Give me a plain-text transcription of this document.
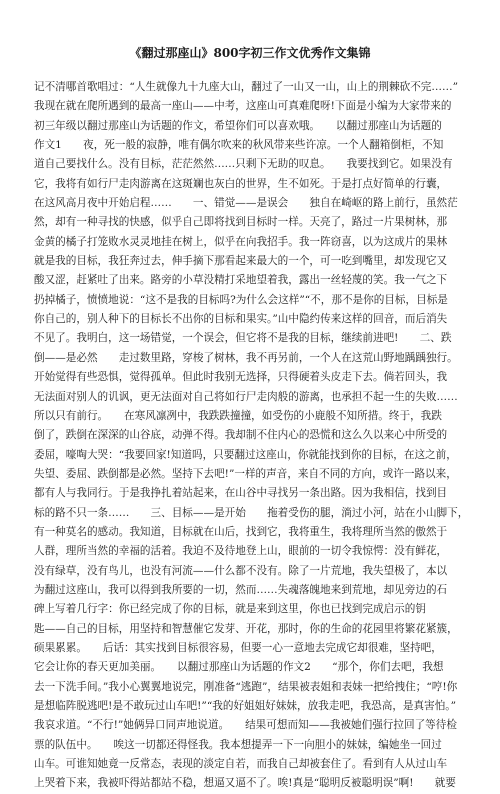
《翻过那座山》800字初三作文优秀作文集锦
记不清哪首歌唱过：“人生就像九十九座大山，翻过了一山又一山，山上的荆棘砍不完……”
我现在就在爬所遇到的最高一座山——中考，这座山可真难爬呀!下面是小编为大家带来的
初三年级以翻过那座山为话题的作文，希望你们可以喜欢哦。　　以翻过那座山为话题的
作文1　　夜，死一般的寂静，唯有偶尔吹来的秋风带来些许凉。一个人翻箱倒柜，不知
道自己要找什么。没有目标，茫茫然然……只剩下无助的叹息。　　我要找到它。如果没有
它，我将有如行尸走肉游离在这斑斓也灰白的世界，生不如死。于是打点好简单的行囊，
在这风高月夜中开始启程……　　一、错觉——是误会　　独自在崎岖的路上前行，虽然茫
然，却有一种寻找的快感，似乎自己即将找到目标时一样。天亮了，路过一片果树林，那
金黄的橘子打笼败水灵灵地挂在树上，似乎在向我招手。我一阵窃喜，以为这成片的果林
就是我的目标，我狂奔过去，伸手摘下那看起来最大的一个，可一吃到嘴里，却发现它又
酸又涩，赶紧吐了出来。路旁的小草没精打采地望着我，露出一丝轻蔑的笑。我一气之下
扔掉橘子，愤愤地说：“这不是我的目标吗?为什么会这样”“不，那不是你的目标，目标是
你自己的，别人种下的目标长不出你的目标和果实。”山中隐约传来这样的回音，而后消失
不见了。我明白，这一场错觉，一个误会，但它将不是我的目标，继续前进吧!　　二、跌
倒——是必然　　走过数里路，穿梭了树林，我不再另前，一个人在这荒山野地踽踽独行。
开始觉得有些恐惧，觉得孤单。但此时我别无选择，只得硬着头皮走下去。倘若回头，我
无法面对别人的讥讽，更无法面对自己将如行尸走肉般的游离，也承担不起一生的失败……
所以只有前行。　　在寒风凛冽中，我跌跌撞撞，如受伤的小鹿般不知所措。终于，我跌
倒了，跌倒在深深的山谷底，动弹不得。我却制不住内心的恐慌和这么久以来心中所受的
委屈，嚎啕大哭：“我要回家!知道吗，只要翻过这座山，你就能找到你的目标，在这之前，
失望、委屈、跌倒都是必然。坚持下去吧!”一样的声音，来自不同的方向，或许一路以来，
都有人与我同行。于是我挣扎着站起来，在山谷中寻找另一条出路。因为我相信，找到目
标的路不只一条……　　三、目标——是开始　　拖着受伤的腿，淌过小河，站在小山脚下，
有一种莫名的感动。我知道，目标就在山后，找到它，我将重生，我将理所当然的傲然于
人群，理所当然的幸福的活着。我迫不及待地登上山，眼前的一切令我惊愕：没有鲜花，
没有绿草，没有鸟儿，也没有河流——什么都不没有。除了一片荒地，我失望极了，本以
为翻过这座山，我可以得到我所要的一切，然而……失魂落魄地来到荒地，却见旁边的石
碑上写着几行字：你已经完成了你的目标，就是来到这里，你也已找到完成启示的钥
匙——自己的目标，用坚持和智慧催它发芽、开花，那时，你的生命的花园里将繁花紧簇，
硕果累累。　　后话：其实找到目标很容易，但要一心一意地去完成它却很难，坚持吧，
它会让你的春天更加美丽。　　以翻过那座山为话题的作文2　　“那个，你们去吧，我想
去一下洗手间。”我小心翼翼地说完，刚准备“逃跑”，结果被表姐和表妹一把给拽住；“哼!你
是想临阵脱逃吧!是不敢玩过山车吧!”“我的好姐姐好妹妹，放我走吧，我恐高，是真害怕。”
我哀求道。“不行!”她俩异口同声地说道。　　结果可想而知——我被她们强行拉回了等待检
票的队伍中。　　唉这一切都还得怪我。我本想提弄一下一向胆小的妹妹，编她坐一回过
山车。可谁知她竟一反常态，表现的淡定自若，而我自己却被套住了。看到有人从过山车
上哭着下来，我被吓得站都站不稳，想逼又逼不了。唉!真是“聪明反被聪明误”啊!　　就要
